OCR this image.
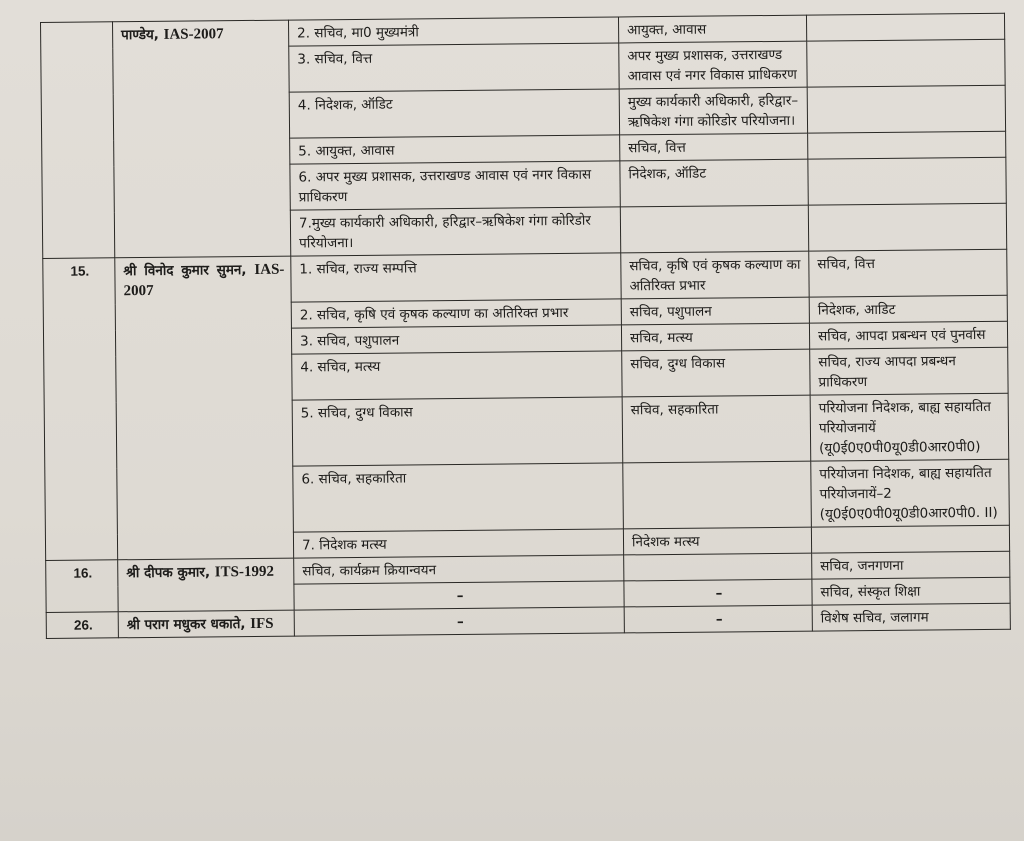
	पाण्डेय, IAS-2007	2. सचिव, मा0 मुख्यमंत्री	आयुक्त, आवास	
		3. सचिव, वित्त	अपर मुख्य प्रशासक, उत्तराखण्ड आवास एवं नगर विकास प्राधिकरण	
		4. निदेशक, ऑडिट	मुख्य कार्यकारी अधिकारी, हरिद्वार–ऋषिकेश गंगा कोरिडोर परियोजना।	
		5. आयुक्त, आवास	सचिव, वित्त	
		6. अपर मुख्य प्रशासक, उत्तराखण्ड आवास एवं नगर विकास प्राधिकरण	निदेशक, ऑडिट	
		7.मुख्य कार्यकारी अधिकारी, हरिद्वार–ऋषिकेश गंगा कोरिडोर परियोजना।		
15.	श्री विनोद कुमार सुमन, IAS-2007	1. सचिव, राज्य सम्पत्ति	सचिव, कृषि एवं कृषक कल्याण का अतिरिक्त प्रभार	सचिव, वित्त
		2. सचिव, कृषि एवं कृषक कल्याण का अतिरिक्त प्रभार	सचिव, पशुपालन	निदेशक, आडिट
		3. सचिव, पशुपालन	सचिव, मत्स्य	सचिव, आपदा प्रबन्धन एवं पुनर्वास
		4. सचिव, मत्स्य	सचिव, दुग्ध विकास	सचिव, राज्य आपदा प्रबन्धन प्राधिकरण
		5. सचिव, दुग्ध विकास	सचिव, सहकारिता	परियोजना निदेशक, बाह्य सहायतित परियोजनायें (यू0ई0ए0पी0यू0डी0आर0पी0)
		6. सचिव, सहकारिता		परियोजना निदेशक, बाह्य सहायतित परियोजनायें–2 (यू0ई0ए0पी0यू0डी0आर0पी0. II)
		7. निदेशक मत्स्य	निदेशक मत्स्य	
16.	श्री दीपक कुमार, ITS-1992	सचिव, कार्यक्रम क्रियान्वयन		सचिव, जनगणना
		–	–	सचिव, संस्कृत शिक्षा
26.	श्री पराग मधुकर धकाते, IFS	–	–	विशेष सचिव, जलागम
